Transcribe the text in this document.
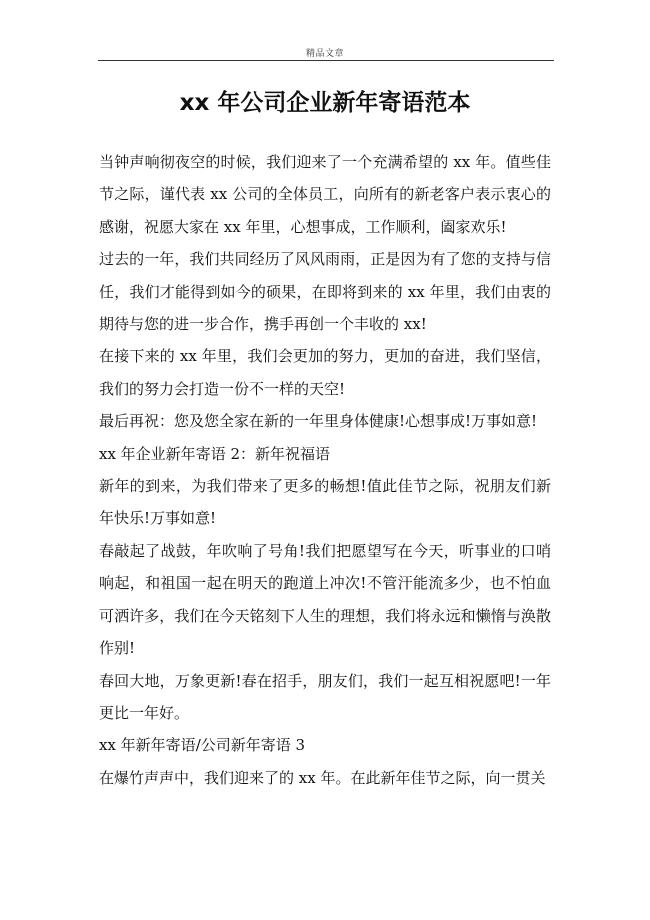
精品文章
xx 年公司企业新年寄语范本

当钟声响彻夜空的时候，我们迎来了一个充满希望的 xx 年。值些佳节之际，谨代表 xx 公司的全体员工，向所有的新老客户表示衷心的感谢，祝愿大家在 xx 年里，心想事成，工作顺利，阖家欢乐!

过去的一年，我们共同经历了风风雨雨，正是因为有了您的支持与信任，我们才能得到如今的硕果，在即将到来的 xx 年里，我们由衷的期待与您的进一步合作，携手再创一个丰收的 xx!

在接下来的 xx 年里，我们会更加的努力，更加的奋进，我们坚信，我们的努力会打造一份不一样的天空!

最后再祝：您及您全家在新的一年里身体健康!心想事成!万事如意!

xx 年企业新年寄语 2：新年祝福语

新年的到来，为我们带来了更多的畅想!值此佳节之际，祝朋友们新年快乐!万事如意!

春敲起了战鼓，年吹响了号角!我们把愿望写在今天，听事业的口哨响起，和祖国一起在明天的跑道上冲次!不管汗能流多少，也不怕血可洒许多，我们在今天铭刻下人生的理想，我们将永远和懒惰与涣散作别!

春回大地，万象更新!春在招手，朋友们，我们一起互相祝愿吧!一年更比一年好。

xx 年新年寄语/公司新年寄语 3

在爆竹声声中，我们迎来了的 xx 年。在此新年佳节之际，向一贯关
